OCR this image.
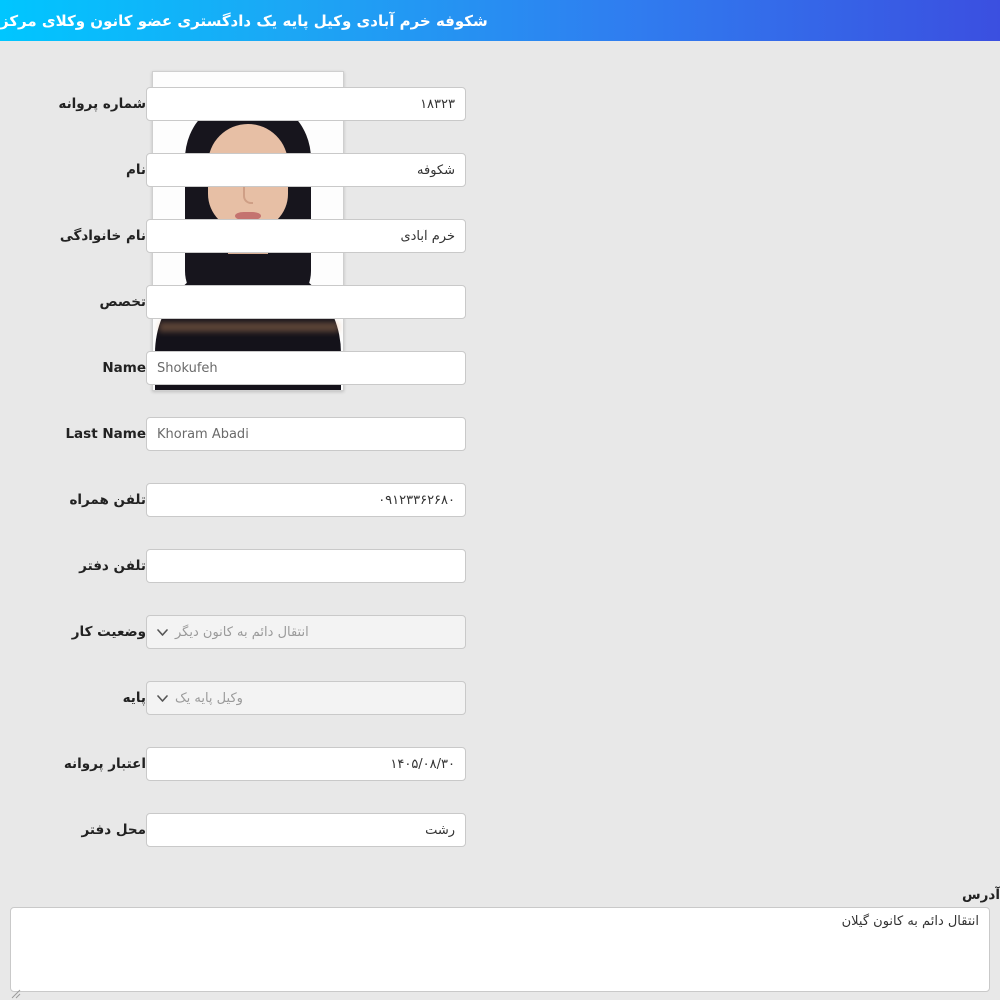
شکوفه خرم آبادی وکیل پایه یک دادگستری عضو کانون وکلای مرکز
۱۸۳۲۳
شماره پروانه
شکوفه
نام
خرم آبادی
نام خانوادگی
تخصص
Shokufeh
Name
Khoram Abadi
Last Name
۰۹۱۲۳۳۶۲۶۸۰
تلفن همراه
تلفن دفتر
انتقال دائم به کانون دیگر
وضعیت کار
وکیل پایه یک
پایه
۱۴۰۵/۰۸/۳۰
اعتبار پروانه
رشت
محل دفتر
آدرس
انتقال دائم به کانون گیلان
